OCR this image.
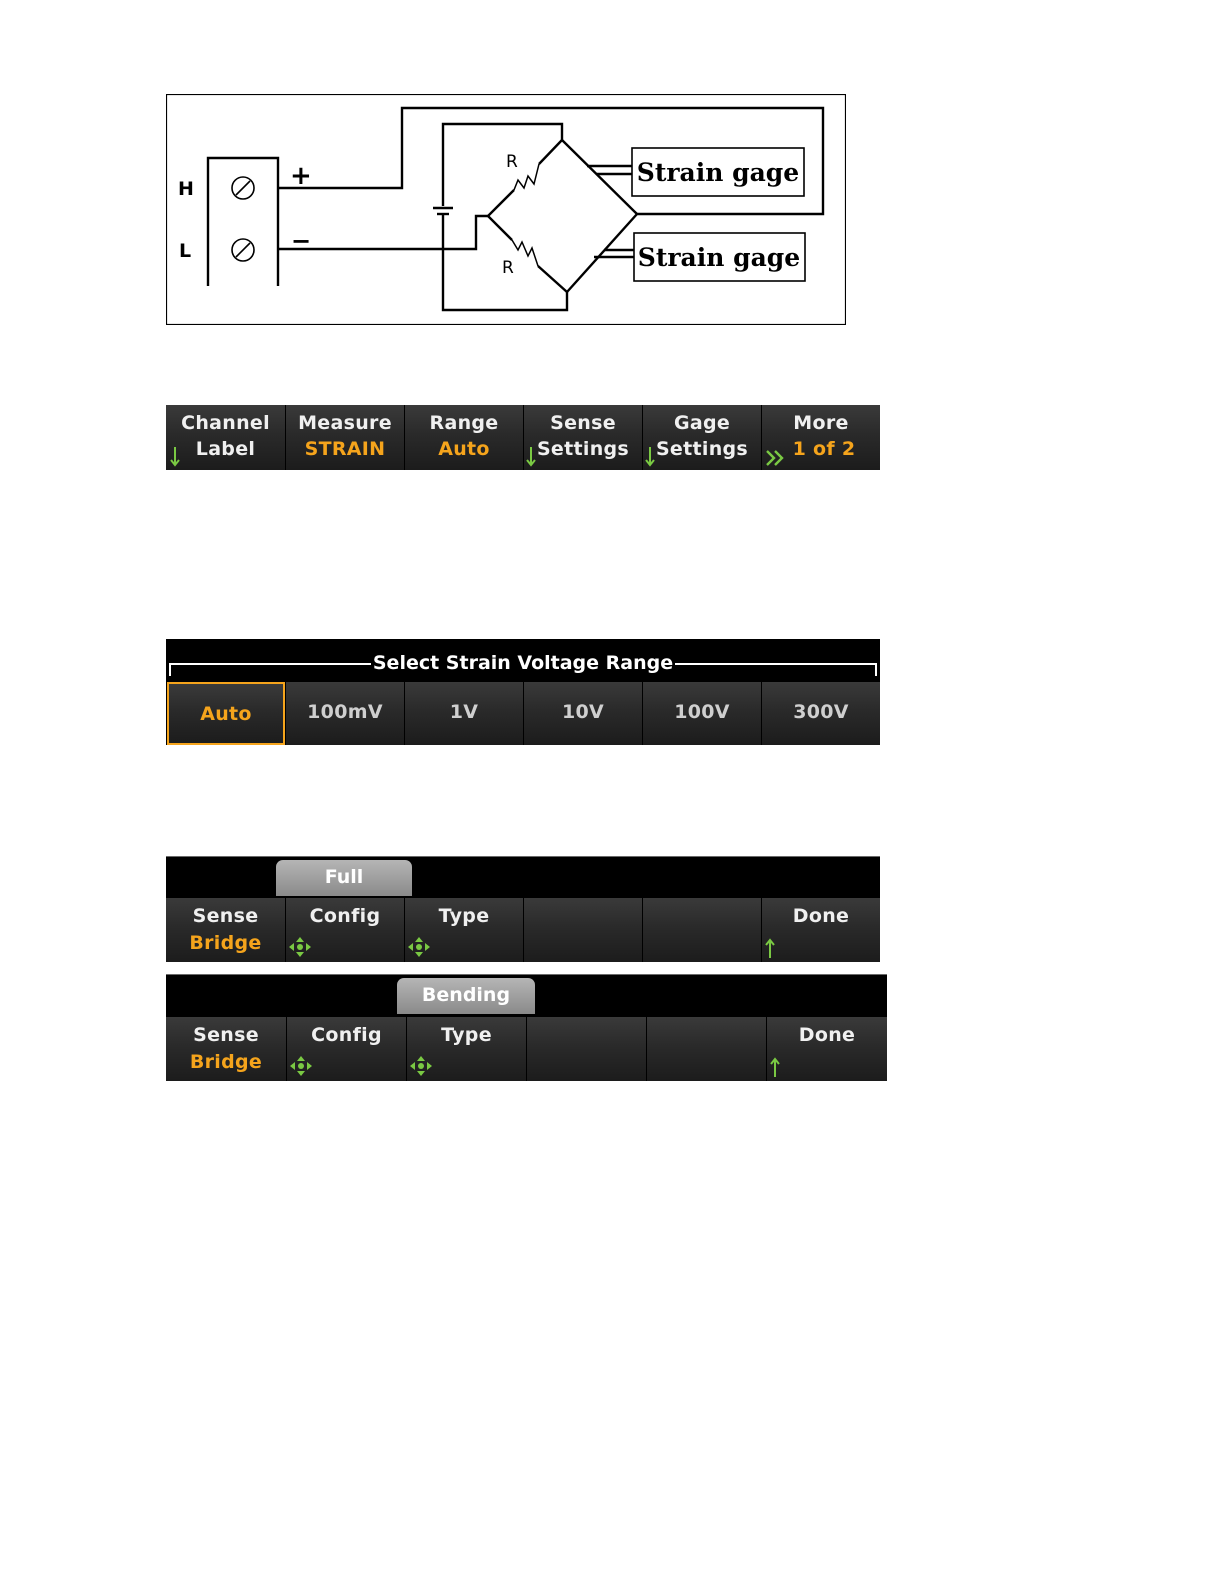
H
L
+
−
R
R
Strain gage
Strain gage
Channel
Label
Measure
STRAIN
Range
Auto
Sense
Settings
Gage
Settings
More
1 of 2
Select Strain Voltage Range
Auto	100mV	1V	10V	100V	300V
Full
Sense
Bridge
Config	Type	Done
Bending
Sense
Bridge
Config	Type	Done
